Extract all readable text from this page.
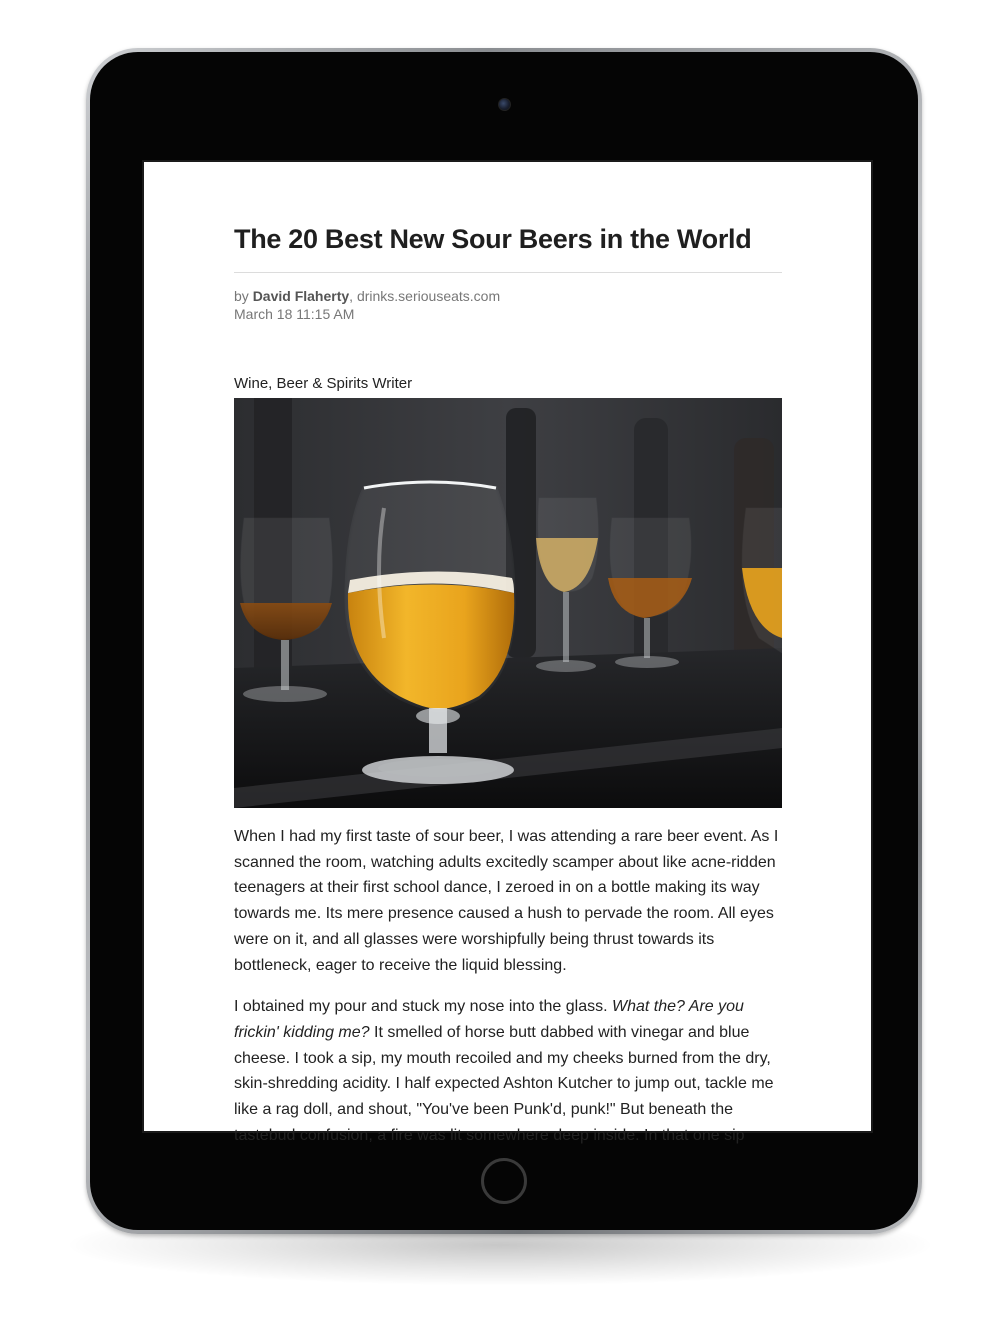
The 20 Best New Sour Beers in the World
by David Flaherty, drinks.seriouseats.com
March 18 11:15 AM
Wine, Beer & Spirits Writer

When I had my first taste of sour beer, I was attending a rare beer event. As I scanned the room, watching adults excitedly scamper about like acne-ridden teenagers at their first school dance, I zeroed in on a bottle making its way towards me. Its mere presence caused a hush to pervade the room. All eyes were on it, and all glasses were worshipfully being thrust towards its bottleneck, eager to receive the liquid blessing.

I obtained my pour and stuck my nose into the glass. What the? Are you frickin' kidding me? It smelled of horse butt dabbed with vinegar and blue cheese. I took a sip, my mouth recoiled and my cheeks burned from the dry, skin-shredding acidity. I half expected Ashton Kutcher to jump out, tackle me like a rag doll, and shout, "You've been Punk'd, punk!" But beneath the tastebud confusion, a fire was lit somewhere deep inside. In that one sip
